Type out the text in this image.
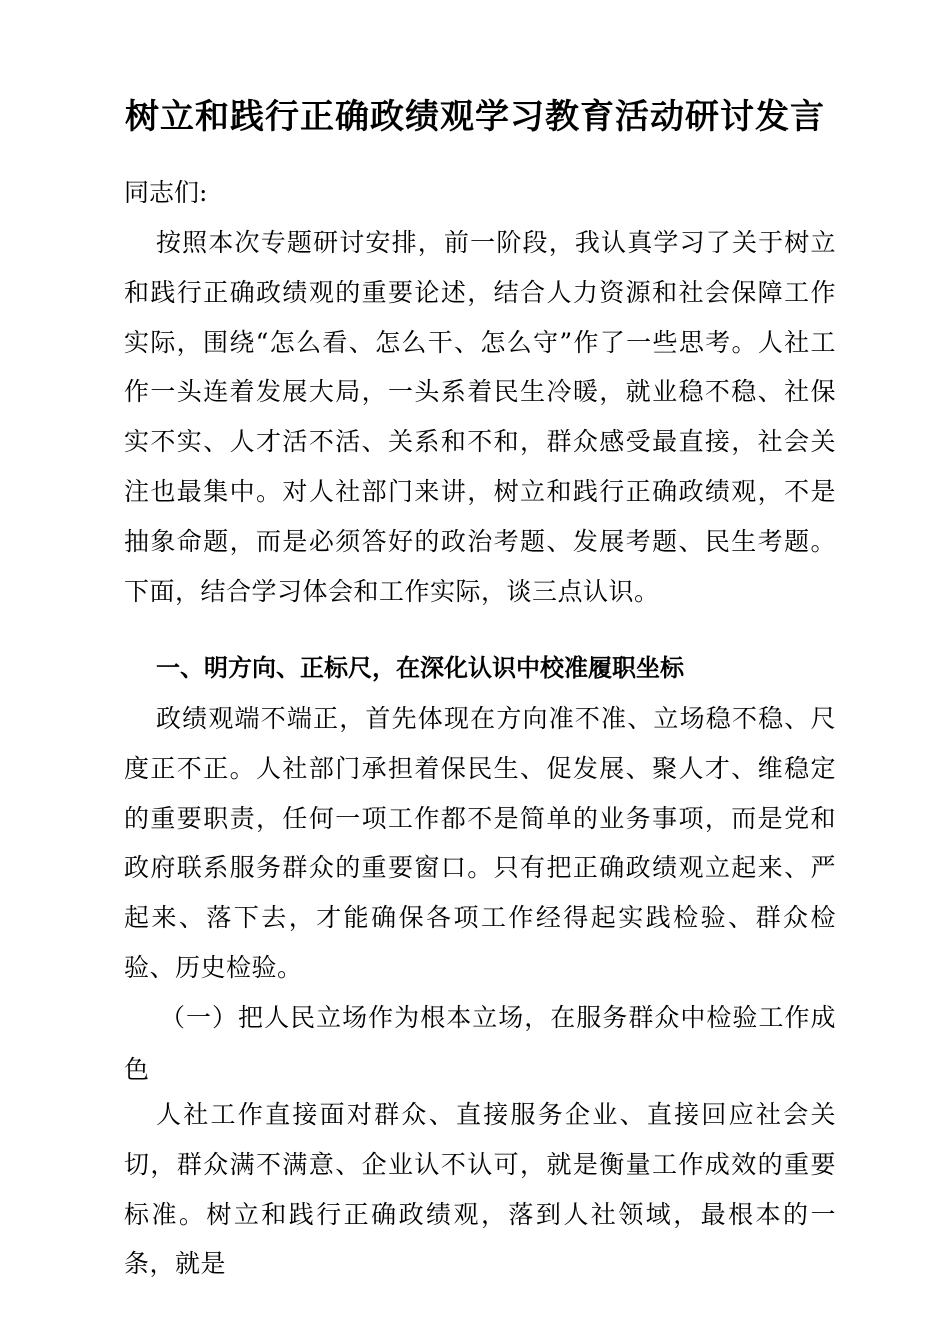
树立和践行正确政绩观学习教育活动研讨发言
同志们:
按照本次专题研讨安排，前一阶段，我认真学习了关于树立和践行正确政绩观的重要论述，结合人力资源和社会保障工作实际，围绕“怎么看、怎么干、怎么守”作了一些思考。人社工作一头连着发展大局，一头系着民生冷暖，就业稳不稳、社保实不实、人才活不活、关系和不和，群众感受最直接，社会关注也最集中。对人社部门来讲，树立和践行正确政绩观，不是抽象命题，而是必须答好的政治考题、发展考题、民生考题。下面，结合学习体会和工作实际，谈三点认识。
一、明方向、正标尺，在深化认识中校准履职坐标
政绩观端不端正，首先体现在方向准不准、立场稳不稳、尺度正不正。人社部门承担着保民生、促发展、聚人才、维稳定的重要职责，任何一项工作都不是简单的业务事项，而是党和政府联系服务群众的重要窗口。只有把正确政绩观立起来、严起来、落下去，才能确保各项工作经得起实践检验、群众检验、历史检验。
（一）把人民立场作为根本立场，在服务群众中检验工作成色
人社工作直接面对群众、直接服务企业、直接回应社会关切，群众满不满意、企业认不认可，就是衡量工作成效的重要标准。树立和践行正确政绩观，落到人社领域，最根本的一条，就是
